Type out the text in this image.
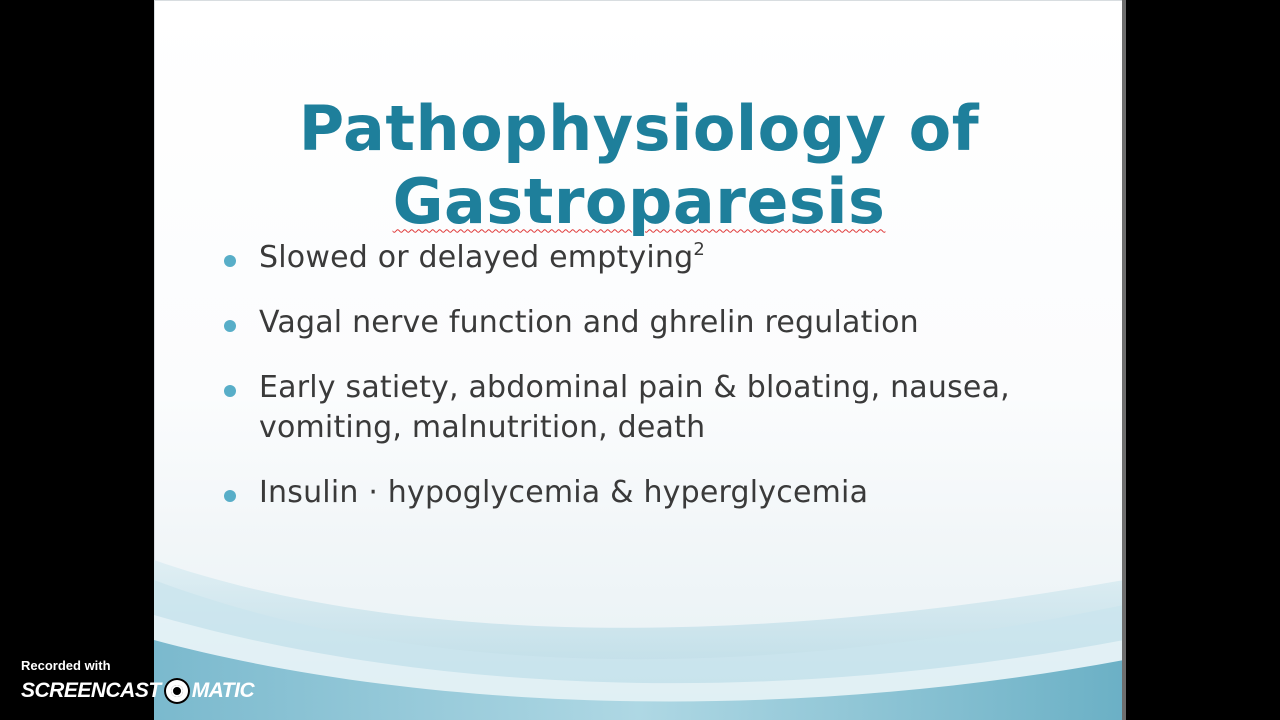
Pathophysiology of
Gastroparesis
Slowed or delayed emptying$^2$
Vagal nerve function and ghrelin regulation
Early satiety, abdominal pain & bloating, nausea, vomiting, malnutrition, death
Insulin · hypoglycemia & hyperglycemia
Recorded with
SCREENCAST MATIC
